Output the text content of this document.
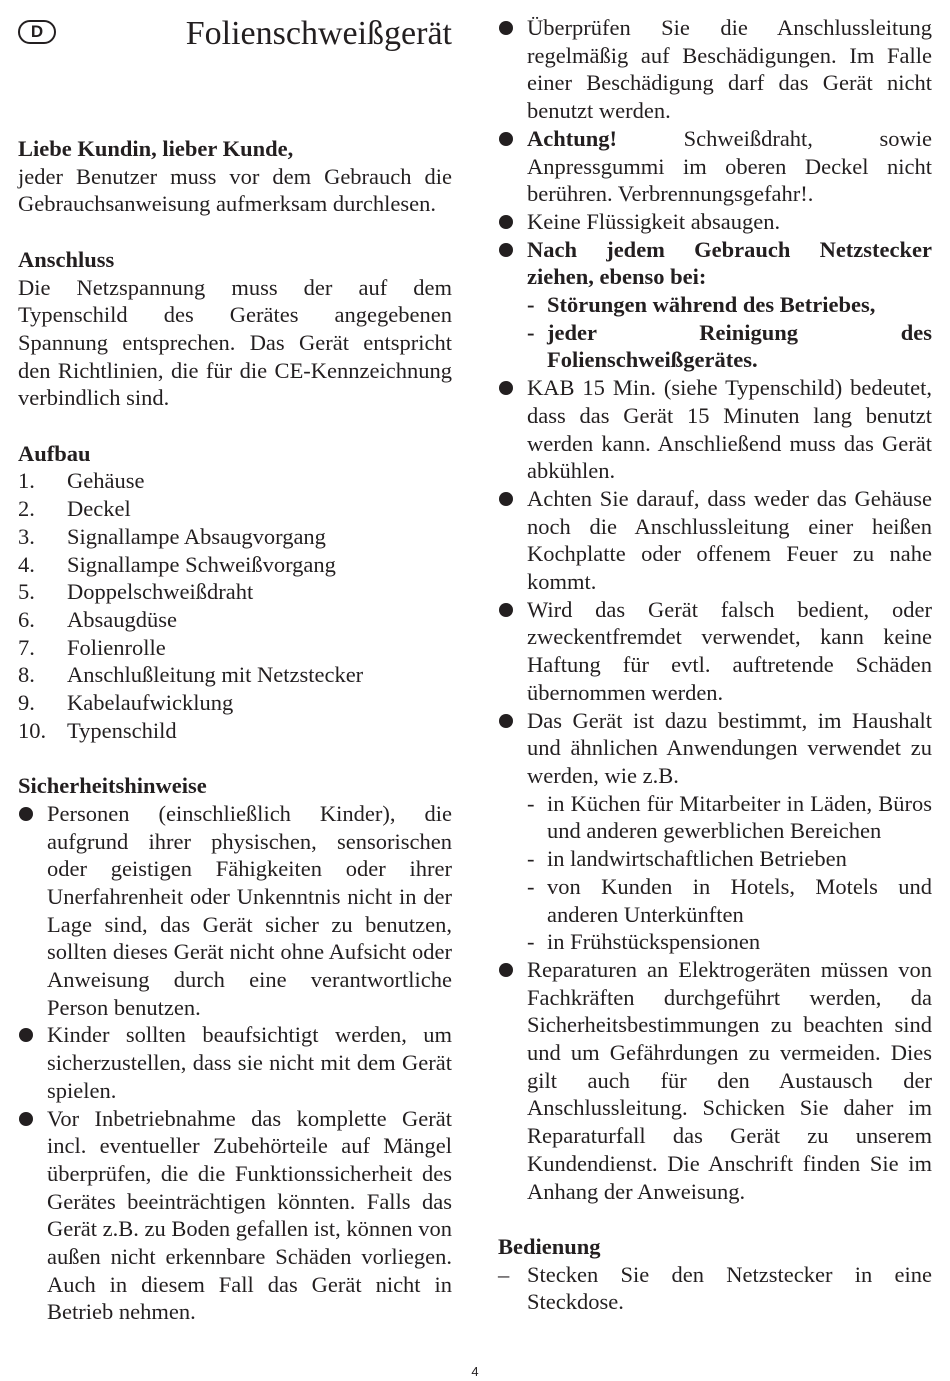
D	Folienschweißgerät

Liebe Kundin, lieber Kunde,

jeder Benutzer muss vor dem Gebrauch die Gebrauchsanweisung aufmerksam durchlesen.

Anschluss

Die Netzspannung muss der auf dem Typenschild des Gerätes angegebenen Spannung entsprechen. Das Gerät entspricht den Richtlinien, die für die CE-Kennzeichnung verbindlich sind.

Aufbau

1.	Gehäuse
2.	Deckel
3.	Signallampe Absaugvorgang
4.	Signallampe Schweißvorgang
5.	Doppelschweißdraht
6.	Absaugdüse
7.	Folienrolle
8.	Anschlußleitung mit Netzstecker
9.	Kabelaufwicklung
10. Typenschild

Sicherheitshinweise

Personen (einschließlich Kinder), die aufgrund ihrer physischen, sensorischen oder geistigen Fähigkeiten oder ihrer Unerfahrenheit oder Unkenntnis nicht in der Lage sind, das Gerät sicher zu benutzen, sollten dieses Gerät nicht ohne Aufsicht oder Anweisung durch eine verantwortliche Person benutzen.

Kinder sollten beaufsichtigt werden, um sicherzustellen, dass sie nicht mit dem Gerät spielen.

Vor Inbetriebnahme das komplette Gerät incl. eventueller Zubehörteile auf Mängel überprüfen, die die Funktionssicherheit des Gerätes beeinträchtigen könnten. Falls das Gerät z.B. zu Boden gefallen ist, können von außen nicht erkennbare Schäden vorliegen. Auch in diesem Fall das Gerät nicht in Betrieb nehmen.

Überprüfen Sie die Anschlussleitung regelmäßig auf Beschädigungen. Im Falle einer Beschädigung darf das Gerät nicht benutzt werden.

Achtung! Schweißdraht, sowie Anpressgummi im oberen Deckel nicht berühren. Verbrennungsgefahr!.

Keine Flüssigkeit absaugen.

Nach jedem Gebrauch Netzstecker ziehen, ebenso bei:

- Störungen während des Betriebes,

- jeder Reinigung des Folienschweißgerätes.

KAB 15 Min. (siehe Typenschild) bedeutet, dass das Gerät 15 Minuten lang benutzt werden kann. Anschließend muss das Gerät abkühlen.

Achten Sie darauf, dass weder das Gehäuse noch die Anschlussleitung einer heißen Kochplatte oder offenem Feuer zu nahe kommt.

Wird das Gerät falsch bedient, oder zweckentfremdet verwendet, kann keine Haftung für evtl. auftretende Schäden übernommen werden.

Das Gerät ist dazu bestimmt, im Haushalt und ähnlichen Anwendungen verwendet zu werden, wie z.B.

- in Küchen für Mitarbeiter in Läden, Büros und anderen gewerblichen Bereichen

- in landwirtschaftlichen Betrieben

- von Kunden in Hotels, Motels und anderen Unterkünften

- in Frühstückspensionen

Reparaturen an Elektrogeräten müssen von Fachkräften durchgeführt werden, da Sicherheitsbestimmungen zu beachten sind und um Gefährdungen zu vermeiden. Dies gilt auch für den Austausch der Anschlussleitung. Schicken Sie daher im Reparaturfall das Gerät zu unserem Kundendienst. Die Anschrift finden Sie im Anhang der Anweisung.

Bedienung

– Stecken Sie den Netzstecker in eine Steckdose.

4
